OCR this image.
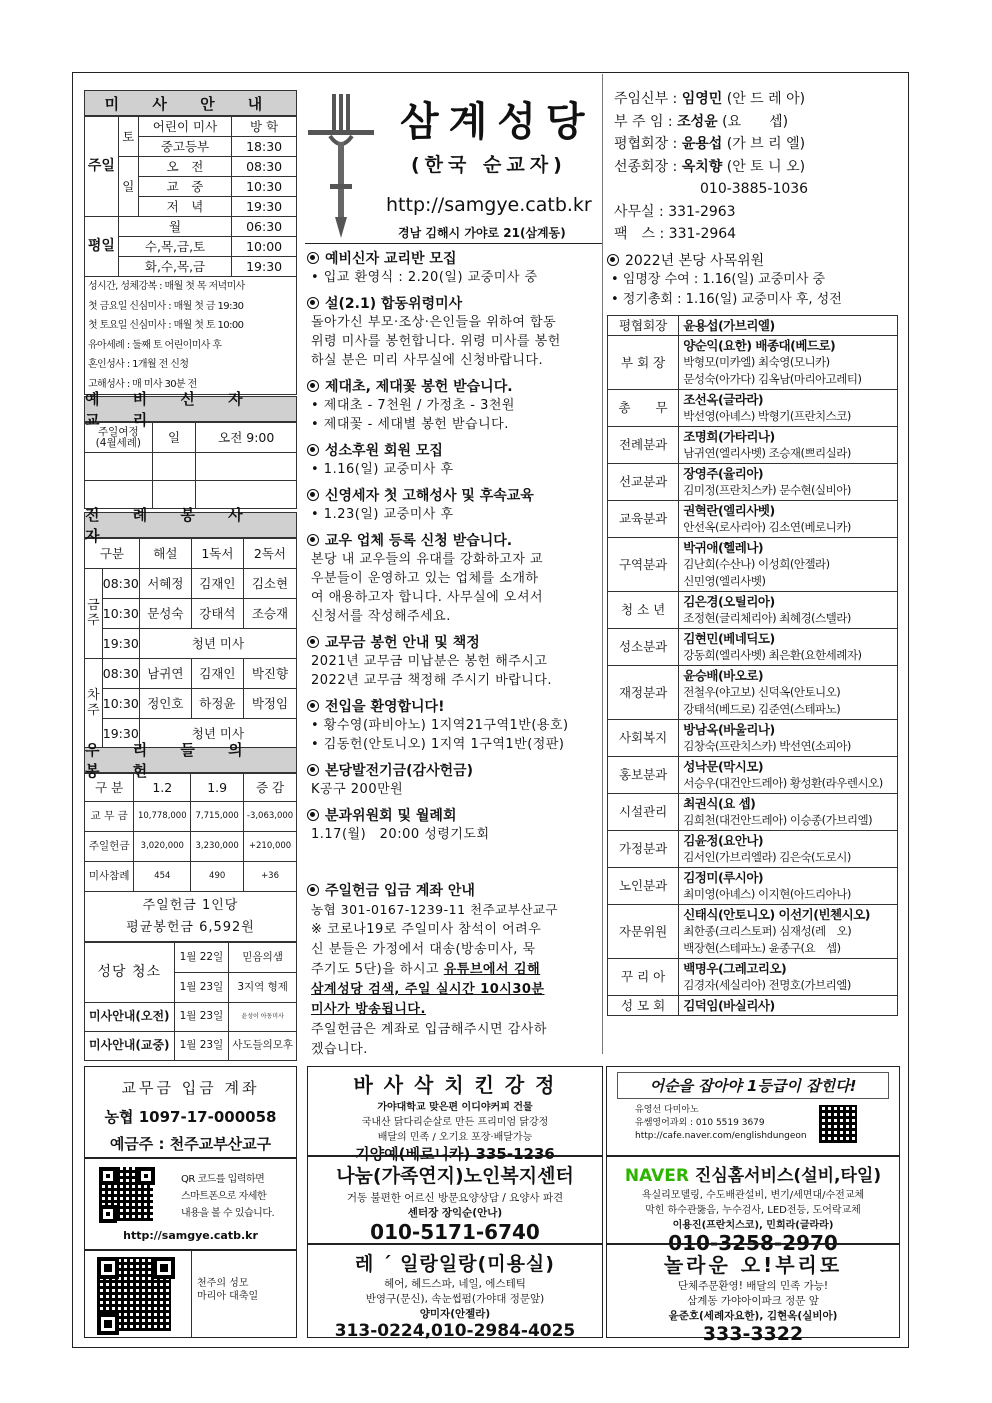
미 사 안 내
주일	토	어린이 미사	방 학
		중고등부	18:30
	일	오　전	08:30
		교　중	10:30
		저　녁	19:30
평일	월		06:30
	수,목,금,토		10:00
	화,수,목,금		19:30
성시간, 성체강복 : 매월 첫 목 저녁미사
첫 금요일 신심미사 : 매월 첫 금 19:30
첫 토요일 신심미사 : 매월 첫 토 10:00
유아세례 : 둘째 토 어린이미사 후
혼인성사 : 1개월 전 신청
고해성사 : 매 미사 30분 전
예 비 신 자 교 리
주일여정
(4월세례)	일	오전 9:00

전 례 봉 사 자
구분		해설	1독서	2독서
금
주	08:30	서혜정	김재인	김소현
	10:30	문성숙	강태석	조승재
	19:30	청년 미사		
차
주	08:30	남귀연	김재인	박진향
	10:30	정인호	하정윤	박정임
	19:30	청년 미사		
우 리 들 의 봉 헌
구 분	1.2	1.9	증 감
교 무 금	10,778,000	7,715,000	-3,063,000
주일헌금	3,020,000	3,230,000	+210,000
미사참례	454	490	+36

주일헌금 1인당
평균봉헌금 6,592원			
성당 청소	1월 22일	믿음의샘
	1월 23일	3지역 형제
미사안내(오전)	1월 23일	윤성이 아동미사
미사안내(교중)	1월 23일	사도들의모후
삼계성당
(한국 순교자)
http://samgye.catb.kr
경남 김해시 가야로 21(삼계동)
주임신부 : 임영민 (안 드 레 아)
부 주 임 : 조성윤 (요　　셉)
평협회장 : 윤용섭 (가 브 리 엘)
선종회장 : 옥치향 (안 토 니 오)
010-3885-1036
사무실 : 331-2963
팩　스 : 331-2964
예비신자 교리반 모집
• 입교 환영식 : 2.20(일) 교중미사 중
설(2.1) 합동위령미사
돌아가신 부모·조상·은인들을 위하여 합동
위령 미사를 봉헌합니다. 위령 미사를 봉헌
하실 분은 미리 사무실에 신청바랍니다.
제대초, 제대꽃 봉헌 받습니다.
• 제대초 - 7천원 / 가정초 - 3천원
• 제대꽃 - 세대별 봉헌 받습니다.
성소후원 회원 모집
• 1.16(일) 교중미사 후
신영세자 첫 고해성사 및 후속교육
• 1.23(일) 교중미사 후
교우 업체 등록 신청 받습니다.
본당 내 교우들의 유대를 강화하고자 교
우분들이 운영하고 있는 업체를 소개하
여 애용하고자 합니다. 사무실에 오셔서
신청서를 작성해주세요.
교무금 봉헌 안내 및 책정
2021년 교무금 미납분은 봉헌 해주시고
2022년 교무금 책정해 주시기 바랍니다.
전입을 환영합니다!
• 황수영(파비아노) 1지역21구역1반(용호)
• 김동헌(안토니오) 1지역 1구역1반(정판)
본당발전기금(감사헌금)
K공구 200만원
분과위원회 및 월례회
1.17(월)　20:00 성령기도회
주일헌금 입금 계좌 안내
농협 301-0167-1239-11 천주교부산교구
※ 코로나19로 주일미사 참석이 어려우
신 분들은 가정에서 대송(방송미사, 묵
주기도 5단)을 하시고 유튜브에서 김해
삼계성당 검색, 주일 실시간 10시30분
미사가 방송됩니다.
주일헌금은 계좌로 입금해주시면 감사하
겠습니다.
2022년 본당 사목위원
• 임명장 수여 : 1.16(일) 교중미사 중
• 정기총회 : 1.16(일) 교중미사 후, 성전
평협회장	윤용섭(가브리엘)

부 회 장	양순익(요한) 배종대(베드로)
박형모(미카엘) 최숙영(모니카)
문성숙(아가다) 김옥남(마리아고레티)

총　　무	조선옥(글라라)
박선영(아녜스) 박형기(프란치스코)

전례분과	조명희(가타리나)
남귀연(엘리사벳) 조승재(쁘리실라)

선교분과	장영주(율리아)
김미정(프란치스카) 문수현(실비아)

교육분과	권혁란(엘리사벳)
안선옥(로사리아) 김소연(베로니카)

구역분과	박귀애(헬레나)
김난희(수산나) 이성희(안젤라)
신민영(엘리사벳)

청 소 년	김은경(오틸리아)
조정현(글리체리아) 최혜경(스텔라)

성소분과	김현민(베네딕도)
강동희(엘리사벳) 최은환(요한세례자)

재정분과	윤승배(바오로)
전철우(야고보) 신덕옥(안토니오)
강태석(베드로) 김준연(스테파노)

사회복지	방남옥(바울리나)
김창숙(프란치스카) 박선연(소피아)

홍보분과	성낙문(막시모)
서승우(대건안드레아) 황성환(라우렌시오)

시설관리	최권식(요 셉)
김희천(대건안드레아) 이승종(가브리엘)

가정분과	김윤정(요안나)
김서인(가브리엘라) 김은숙(도로시)

노인분과	김정미(루시아)
최미영(아녜스) 이지현(아드리아나)

자문위원	신태식(안토니오) 이선기(빈첸시오)
최한종(크리스토퍼) 심재성(레　오)
백장현(스테파노) 윤종구(요　셉)

꾸 리 아	백명우(그레고리오)
김경자(세실리아) 전명호(가브리엘)

성 모 회	김덕임(바실리사)
교무금 입금 계좌
농협 1097-17-000058
예금주 : 천주교부산교구
QR 코드를 입력하면
스마트폰으로 자세한
내용을 볼 수 있습니다.
http://samgye.catb.kr
천주의 성모
마리아 대축일
바 사 삭 치 킨 강 정
가야대학교 맞은편 이디야커피 건물
국내산 닭다리순살로 만든 프리미엄 닭강정
배달의 민족 / 오기요 포장·배달가능
기양예(베로니카) 335-1236
어순을 잡아야 1등급이 잡힌다!
유영선 다미아노
유쌤영어과외 : 010 5519 3679
http://cafe.naver.com/englishdungeon
나눔(가족연지)노인복지센터
거동 불편한 어르신 방문요양상담 / 요양사 파견
센터장 장익순(안나)
010-5171-6740
NAVER 진심홈서비스(설비,타일)
욕실리모델링, 수도배관설비, 변기/세면대/수전교체
막힌 하수관뚫음, 누수검사, LED전등, 도어락교체
이용진(프란치스코), 민희라(글라라)
010-3258-2970
레 ´ 일랑일랑(미용실)
헤어, 헤드스파, 네일, 에스테틱
반영구(문신), 속눈썹펌(가야대 정문앞)
양미자(안젤라)
313-0224,010-2984-4025
놀라운 오!부리또
단체주문환영! 배달의 민족 가능!
삼계동 가야아이파크 정문 앞
윤준호(세례자요한), 김현옥(실비아)
333-3322
